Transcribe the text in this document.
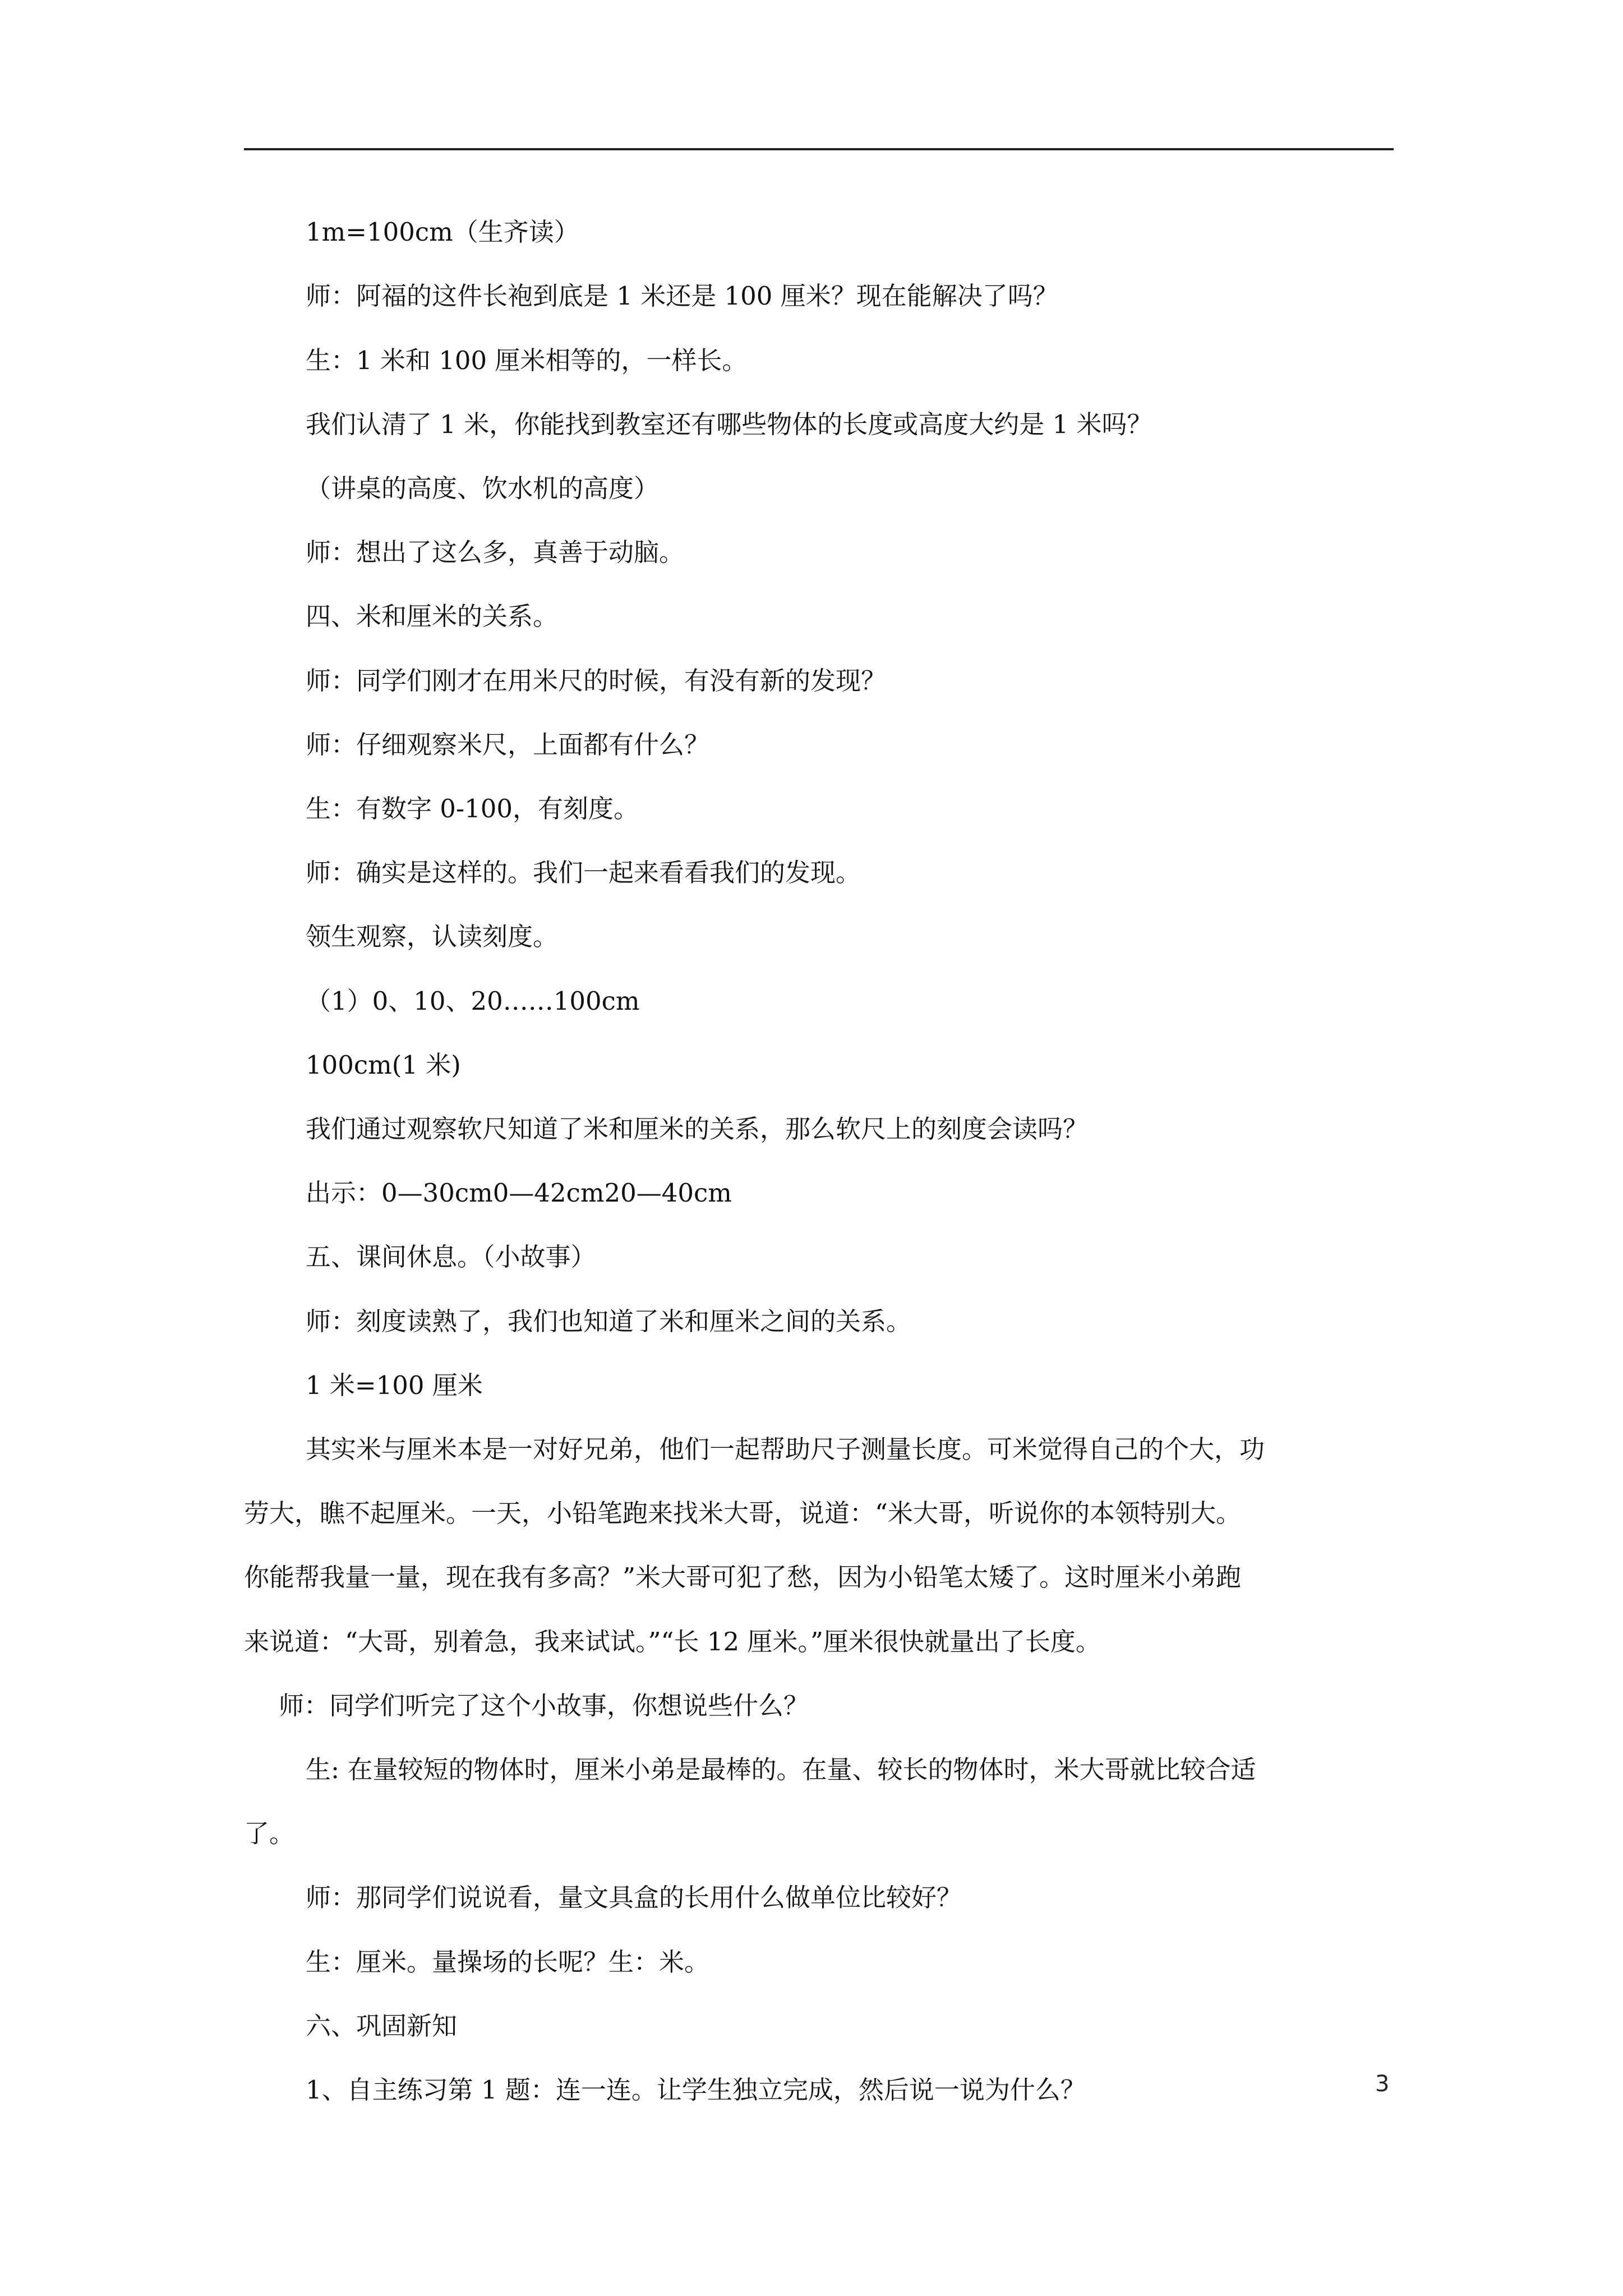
1m=100cm（生齐读）
师：阿福的这件长袍到底是 1 米还是 100 厘米？现在能解决了吗？
生：1 米和 100 厘米相等的，一样长。
我们认清了 1 米，你能找到教室还有哪些物体的长度或高度大约是 1 米吗？
（讲桌的高度、饮水机的高度）
师：想出了这么多，真善于动脑。
四、米和厘米的关系。
师：同学们刚才在用米尺的时候，有没有新的发现？
师：仔细观察米尺，上面都有什么？
生：有数字 0-100，有刻度。
师：确实是这样的。我们一起来看看我们的发现。
领生观察，认读刻度。
（1）0、10、20……100cm
100cm(1 米)
我们通过观察软尺知道了米和厘米的关系，那么软尺上的刻度会读吗？
出示：0—30cm0—42cm20—40cm
五、课间休息。（小故事）
师：刻度读熟了，我们也知道了米和厘米之间的关系。
1 米=100 厘米
其实米与厘米本是一对好兄弟，他们一起帮助尺子测量长度。可米觉得自己的个大，功
劳大，瞧不起厘米。一天，小铅笔跑来找米大哥，说道：“米大哥，听说你的本领特别大。
你能帮我量一量，现在我有多高？”米大哥可犯了愁，因为小铅笔太矮了。这时厘米小弟跑
来说道：“大哥，别着急，我来试试。”“长 12 厘米。”厘米很快就量出了长度。
师：同学们听完了这个小故事，你想说些什么？
生: 在量较短的物体时，厘米小弟是最棒的。在量、较长的物体时，米大哥就比较合适
了。
师：那同学们说说看，量文具盒的长用什么做单位比较好？
生：厘米。量操场的长呢？生：米。
六、巩固新知
1、自主练习第 1 题：连一连。让学生独立完成，然后说一说为什么？	3
